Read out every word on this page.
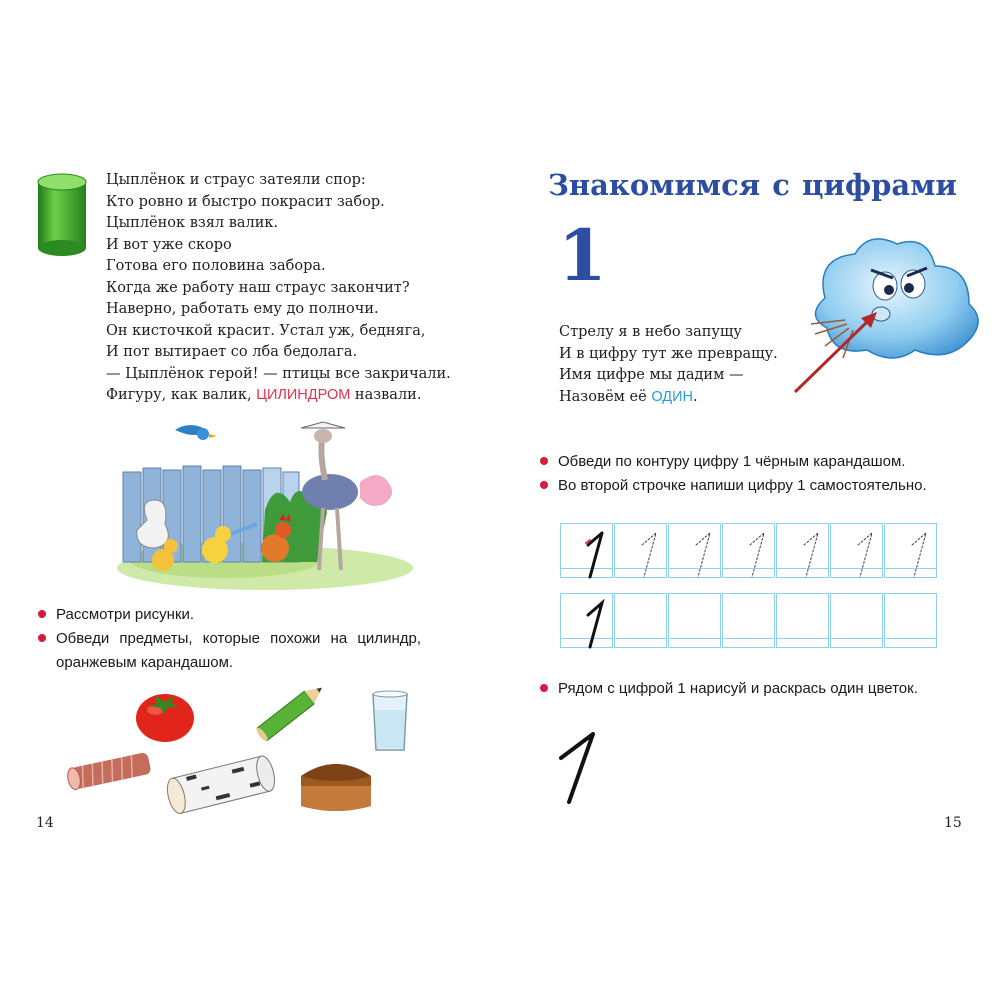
Цыплёнок и страус затеяли спор:
Кто ровно и быстро покрасит забор.
Цыплёнок взял валик.
И вот уже скоро
Готова его половина забора.
Когда же работу наш страус закончит?
Наверно, работать ему до полночи.
Он кисточкой красит. Устал уж, бедняга,
И пот вытирает со лба бедолага.
— Цыплёнок герой! — птицы все закричали.
Фигуру, как валик, ЦИЛИНДРОМ назвали.
Рассмотри рисунки.
Обведи предметы, которые похожи на цилиндр,
оранжевым карандашом.
14
Знакомимся с цифрами
1
Стрелу я в небо запущу
И в цифру тут же превращу.
Имя цифре мы дадим —
Назовём её ОДИН.
Обведи по контуру цифру 1 чёрным карандашом.
Во второй строчке напиши цифру 1 самостоятельно.
Рядом с цифрой 1 нарисуй и раскрась один цветок.
15
